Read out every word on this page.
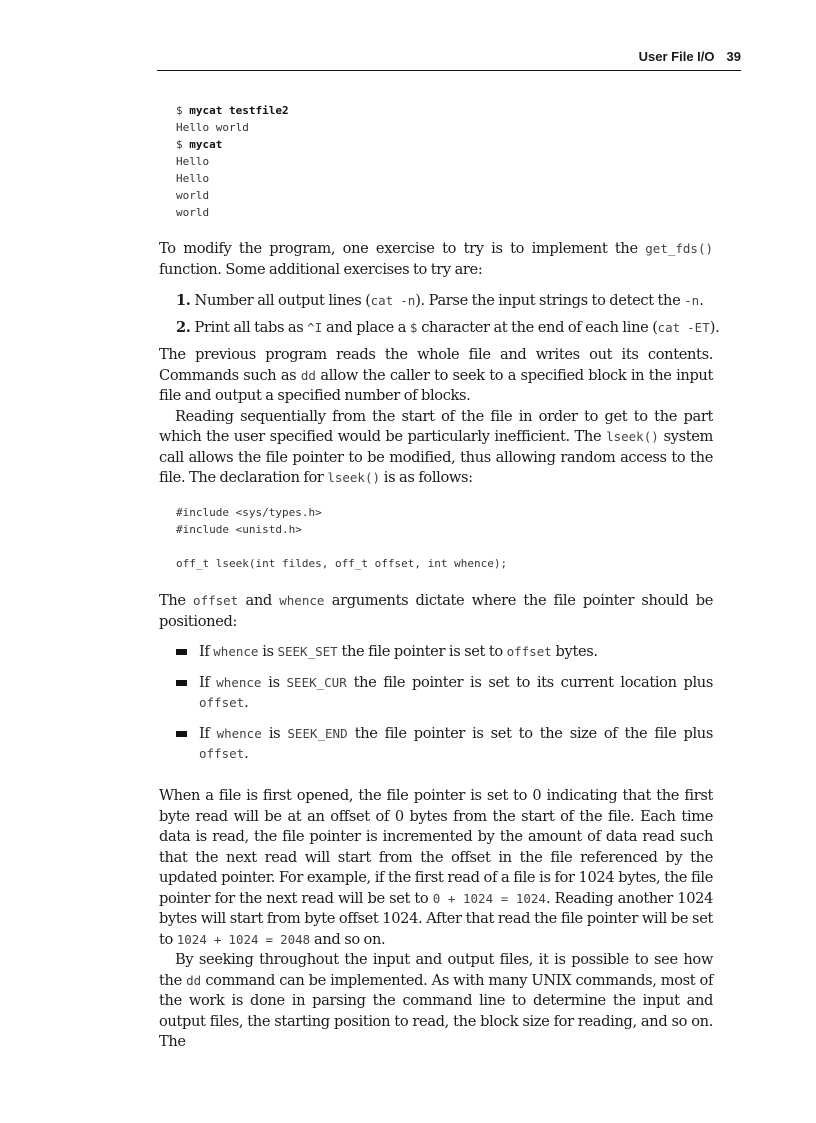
User File I/O 39
$ mycat testfile2
Hello world
$ mycat
Hello
Hello
world
world

To modify the program, one exercise to try is to implement the get_fds() function. Some additional exercises to try are:

1. Number all output lines (cat -n). Parse the input strings to detect the -n.
2. Print all tabs as ^I and place a $ character at the end of each line (cat -ET).

The previous program reads the whole file and writes out its contents. Commands such as dd allow the caller to seek to a specified block in the input file and output a specified number of blocks.

Reading sequentially from the start of the file in order to get to the part which the user specified would be particularly inefficient. The lseek() system call allows the file pointer to be modified, thus allowing random access to the file. The declaration for lseek() is as follows:

#include <sys/types.h>
#include <unistd.h>

off_t lseek(int fildes, off_t offset, int whence);

The offset and whence arguments dictate where the file pointer should be positioned:

If whence is SEEK_SET the file pointer is set to offset bytes.
If whence is SEEK_CUR the file pointer is set to its current location plus offset.
If whence is SEEK_END the file pointer is set to the size of the file plus offset.

When a file is first opened, the file pointer is set to 0 indicating that the first byte read will be at an offset of 0 bytes from the start of the file. Each time data is read, the file pointer is incremented by the amount of data read such that the next read will start from the offset in the file referenced by the updated pointer. For example, if the first read of a file is for 1024 bytes, the file pointer for the next read will be set to 0 + 1024 = 1024. Reading another 1024 bytes will start from byte offset 1024. After that read the file pointer will be set to 1024 + 1024 = 2048 and so on.

By seeking throughout the input and output files, it is possible to see how the dd command can be implemented. As with many UNIX commands, most of the work is done in parsing the command line to determine the input and output files, the starting position to read, the block size for reading, and so on. The
